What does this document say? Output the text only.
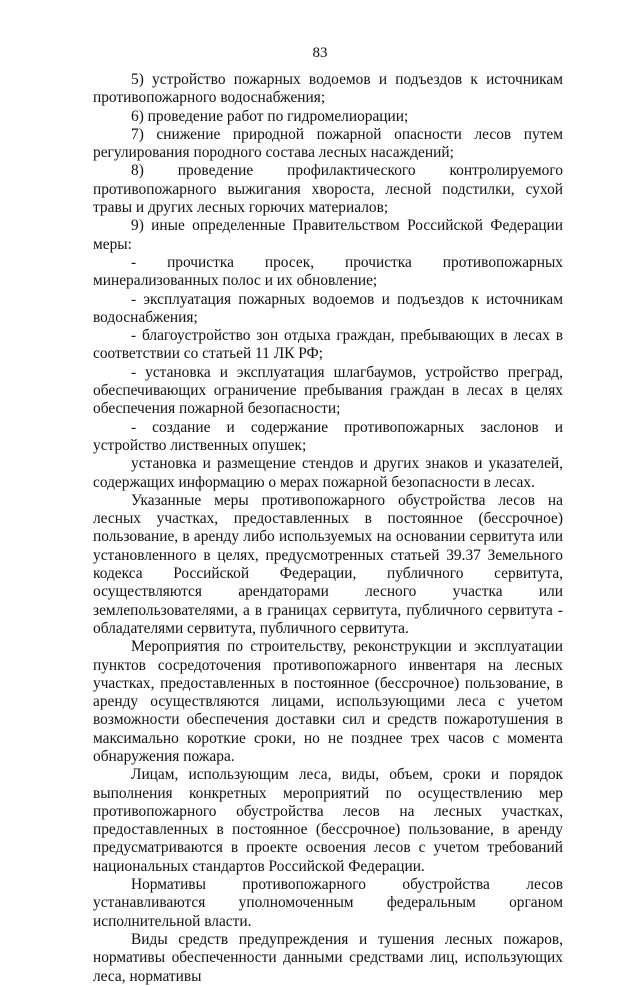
83

5) устройство пожарных водоемов и подъездов к источникам противопожарного водоснабжения;

6) проведение работ по гидромелиорации;

7) снижение природной пожарной опасности лесов путем регулирования породного состава лесных насаждений;

8) проведение профилактического контролируемого противопожарного выжигания хвороста, лесной подстилки, сухой травы и других лесных горючих материалов;

9) иные определенные Правительством Российской Федерации меры:

- прочистка просек, прочистка противопожарных минерализованных полос и их обновление;

- эксплуатация пожарных водоемов и подъездов к источникам водоснабжения;

- благоустройство зон отдыха граждан, пребывающих в лесах в соответствии со статьей 11 ЛК РФ;

- установка и эксплуатация шлагбаумов, устройство преград, обеспечивающих ограничение пребывания граждан в лесах в целях обеспечения пожарной безопасности;

- создание и содержание противопожарных заслонов и устройство лиственных опушек;

установка и размещение стендов и других знаков и указателей, содержащих информацию о мерах пожарной безопасности в лесах.

Указанные меры противопожарного обустройства лесов на лесных участках, предоставленных в постоянное (бессрочное) пользование, в аренду либо используемых на основании сервитута или установленного в целях, предусмотренных статьей 39.37 Земельного кодекса Российской Федерации, публичного сервитута, осуществляются арендаторами лесного участка или землепользователями, а в границах сервитута, публичного сервитута - обладателями сервитута, публичного сервитута.

Мероприятия по строительству, реконструкции и эксплуатации пунктов сосредоточения противопожарного инвентаря на лесных участках, предоставленных в постоянное (бессрочное) пользование, в аренду осуществляются лицами, использующими леса с учетом возможности обеспечения доставки сил и средств пожаротушения в максимально короткие сроки, но не позднее трех часов с момента обнаружения пожара.

Лицам, использующим леса, виды, объем, сроки и порядок выполнения конкретных мероприятий по осуществлению мер противопожарного обустройства лесов на лесных участках, предоставленных в постоянное (бессрочное) пользование, в аренду предусматриваются в проекте освоения лесов с учетом требований национальных стандартов Российской Федерации.

Нормативы противопожарного обустройства лесов устанавливаются уполномоченным федеральным органом исполнительной власти.

Виды средств предупреждения и тушения лесных пожаров, нормативы обеспеченности данными средствами лиц, использующих леса, нормативы
